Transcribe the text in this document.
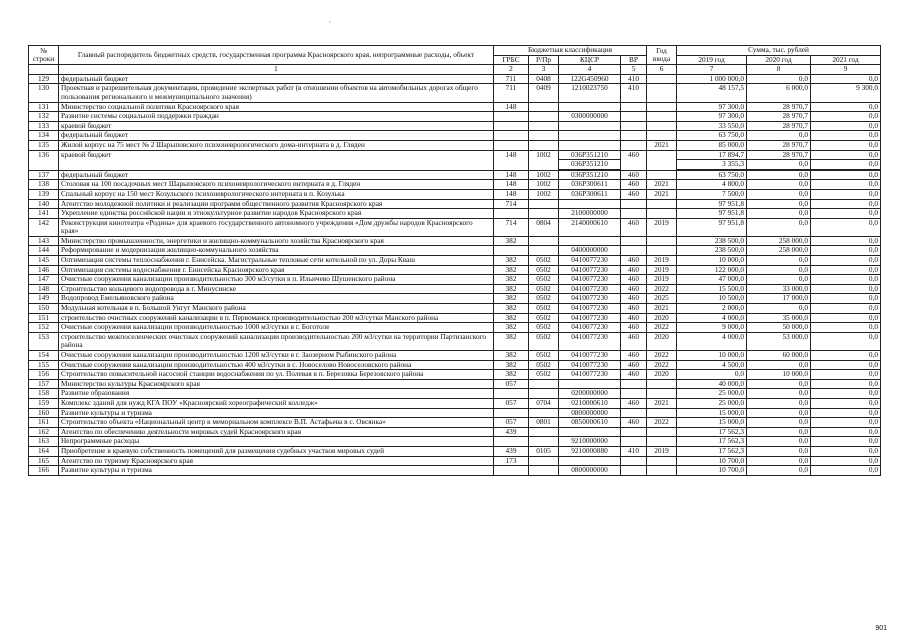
,
№ строки	Главный распорядитель бюджетных средств, государственная программа Красноярского края, непрограммные расходы, объект	Бюджетная классификация				Год ввода	Сумма, тыс. рублей		
		ГРБС	Р/Пр	КЦСР	ВР		2019 год	2020 год	2021 год
	1	2	3	4	5	6	7	8	9
129	федеральный бюджет	711	0408	122G450960	410		1 000 000,0	0,0	0,0
130	Проектная и разрешительная документация, проведение экспертных работ (в отношении объектов на автомобильных дорогах общего пользования регионального и межмуниципального значения)	711	0409	1210023750	410		48 157,5	6 000,0	9 300,0
131	Министерство социальной политики Красноярского края	148					97 300,0	28 970,7	0,0
132	Развитие системы социальной поддержки граждан			0300000000			97 300,0	28 970,7	0,0
133	краевой бюджет						33 550,0	28 970,7	0,0
134	федеральный бюджет						63 750,0	0,0	0,0
135	Жилой корпус на 75 мест № 2 Шарыповского психоневрологического дома-интерната в д. Гляден					2021	85 000,0	28 970,7	0,0
136	краевой бюджет	148	1002	036P351210	460		17 894,7	28 970,7	0,0
				036P351210			3 355,3	0,0	0,0

137	федеральный бюджет	148	1002	036P351210	460		63 750,0	0,0	0,0
138	Столовая на 100 посадочных мест Шарыповского психоневрологического интерната в д. Гляден	148	1002	036P300611	460	2021	4 800,0	0,0	0,0
139	Спальный корпус на 150 мест Козульского психоневрологического интерната в п. Козулька	148	1002	036P300611	460	2021	7 500,0	0,0	0,0
140	Агентство молодежной политики и реализации программ общественного развития Красноярского края	714					97 951,8	0,0	0,0
141	Укрепление единства российской нации и этнокультурное развитие народов Красноярского края			2100000000			97 951,8	0,0	0,0
142	Реконструкция кинотеатра «Родина» для краевого государственного автономного учреждения «Дом дружбы народов Красноярского края»	714	0804	2140000610	460	2019	97 951,8	0,0	0,0
143	Министерство промышленности, энергетики и жилищно-коммунального хозяйства Красноярского края	382					238 500,0	258 000,0	0,0
144	Реформирование и модернизация жилищно-коммунального хозяйства			0400000000			238 500,0	258 000,0	0,0
145	Оптимизация системы теплоснабжения г. Енисейска. Магистральные тепловые сети котельной по ул. Доры Кваш	382	0502	0410077230	460	2019	10 000,0	0,0	0,0
146	Оптимизация системы водоснабжения г. Енисейска Красноярского края	382	0502	0410077230	460	2019	122 000,0	0,0	0,0
147	Очистные сооружения канализации производительностью 300 м3/сутки в п. Ильичево Шушенского района	382	0502	0410077230	460	2019	47 000,0	0,0	0,0
148	Строительство кольцевого водопровода в г. Минусинске	382	0502	0410077230	460	2022	15 500,0	33 000,0	0,0
149	Водопровод Емельяновского района	382	0502	0410077230	460	2025	10 500,0	17 000,0	0,0
150	Модульная котельная в п. Большой Унгут Манского района	382	0502	0410077230	460	2021	2 000,0	0,0	0,0
151	строительство очистных сооружений канализации в п. Первоманск производительностью 200 м3/сутки Манского района	382	0502	0410077230	460	2020	4 000,0	35 000,0	0,0
152	Очистные сооружения канализации производительностью 1000 м3/сутки в г. Боготоле	382	0502	0410077230	460	2022	9 000,0	50 000,0	0,0
153	строительство межпоселенческих очистных сооружений канализации производительностью 200 м3/сутки на территории Партизанского района	382	0502	0410077230	460	2020	4 000,0	53 000,0	0,0
154	Очистные сооружения канализации производительностью 1200 м3/сутки в г. Заозерном Рыбинского района	382	0502	0410077230	460	2022	10 000,0	60 000,0	0,0
155	Очистные сооружения канализации производительностью 400 м3/сутки в с. Новоселово Новоселовского района	382	0502	0410077230	460	2022	4 500,0	0,0	0,0
156	Строительство повысительной насосной станции водоснабжения по ул. Полевая в п. Березовка Березовского района	382	0502	0410077230	460	2020	0,0	10 000,0	0,0
157	Министерство культуры Красноярского края	057					40 000,0	0,0	0,0
158	Развитие образования			0200000000			25 000,0	0,0	0,0
159	Комплекс зданий для нужд КГА ПОУ «Красноярский хореографический колледж»	057	0704	0210000610	460	2021	25 000,0	0,0	0,0
160	Развитие культуры и туризма			0800000000			15 000,0	0,0	0,0
161	Строительство объекта «Национальный центр в мемориальном комплексе В.П. Астафьева в с. Овсянка»	057	0801	0850000610	460	2022	15 000,0	0,0	0,0
162	Агентство по обеспечению деятельности мировых судей Красноярского края	439					17 562,3	0,0	0,0
163	Непрограммные расходы			9210000000			17 562,3	0,0	0,0
164	Приобретение в краевую собственность помещений для размещения судебных участков мировых судей	439	0105	9210000880	410	2019	17 562,3	0,0	0,0
165	Агентство по туризму Красноярского края	173					10 700,0	0,0	0,0
166	Развитие культуры и туризма			0800000000			10 700,0	0,0	0,0
901
